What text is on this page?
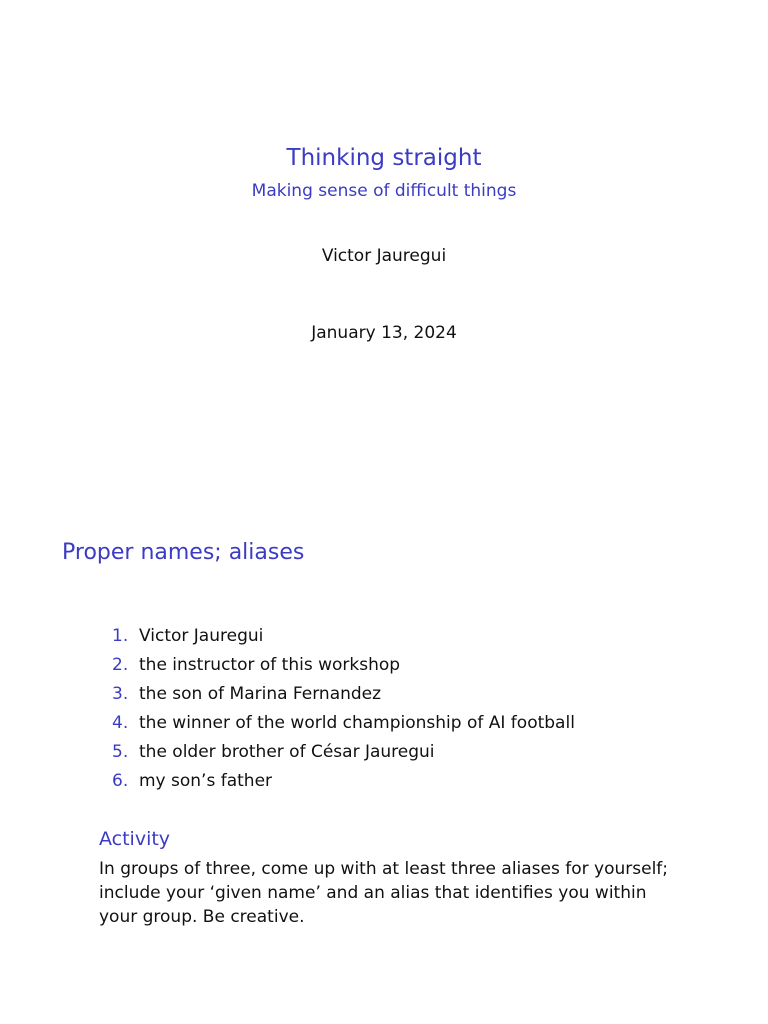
Thinking straight
Making sense of difficult things
Victor Jauregui
January 13, 2024
Proper names; aliases
1. Victor Jauregui
2. the instructor of this workshop
3. the son of Marina Fernandez
4. the winner of the world championship of AI football
5. the older brother of César Jauregui
6. my son’s father
Activity
In groups of three, come up with at least three aliases for yourself; include your ‘given name’ and an alias that identifies you within your group. Be creative.
